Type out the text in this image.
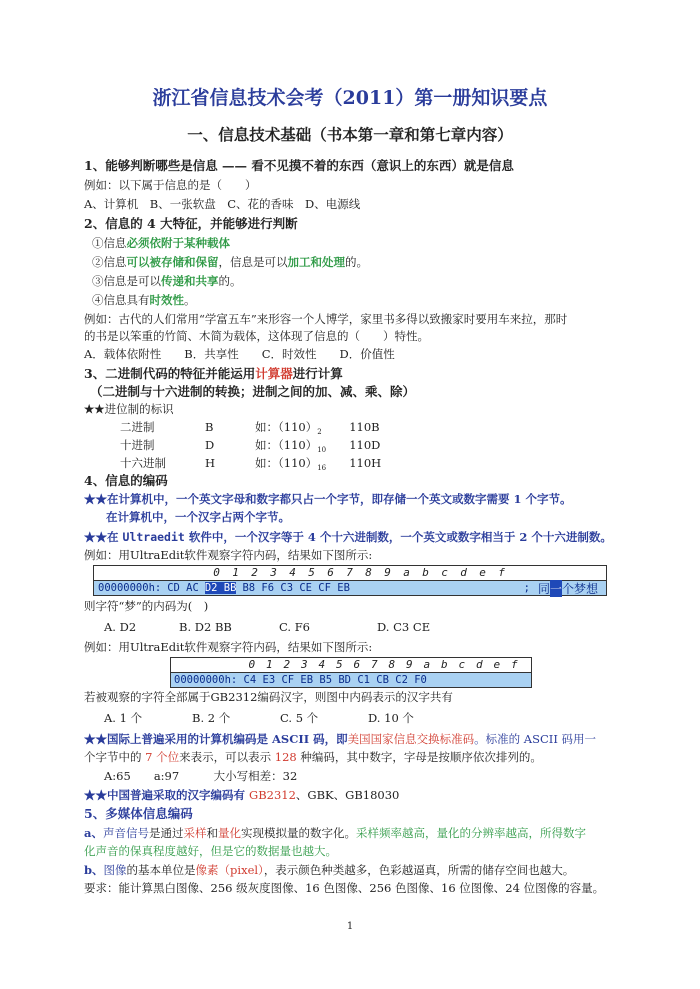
浙江省信息技术会考（2011）第一册知识要点
一、信息技术基础（书本第一章和第七章内容）
1、能够判断哪些是信息 —— 看不见摸不着的东西（意识上的东西）就是信息
例如：以下属于信息的是（　　）
A、计算机　B、一张软盘　C、花的香味　D、电源线
2、信息的 4 大特征，并能够进行判断
①信息必须依附于某种载体
②信息可以被存储和保留，信息是可以加工和处理的。
③信息是可以传递和共享的。
④信息具有时效性。
例如：古代的人们常用“学富五车”来形容一个人博学，家里书多得以致搬家时要用车来拉，那时
的书是以笨重的竹简、木简为载体，这体现了信息的（　　）特性。
A．载体依附性　　B．共享性　　C．时效性　　D．价值性
3、二进制代码的特征并能运用计算器进行计算
（二进制与十六进制的转换；进制之间的加、减、乘、除）
★★进位制的标识
二进制	B	如：$(110)_2$ 110B
十进制	D	如：$(110)_{10}$ 110D
十六进制	H	如：$(110)_{16}$ 110H
4、信息的编码
★★在计算机中，一个英文字母和数字都只占一个字节，即存储一个英文或数字需要 1 个字节。
在计算机中，一个汉字占两个字节。
★★在 Ultraedit 软件中，一个汉字等于 4 个十六进制数，一个英文或数字相当于 2 个十六进制数。
例如：用UltraEdit软件观察字符内码，结果如下图所示:
0	1	2	3	4	5	6	7	8	9	a	b	c	d	e	f
00000000h: CD AC D2 BB B8 F6 C3 CE CF EB	; 同一个梦想
则字符“梦”的内码为(　)
A. D2	B. D2 BB	C. F6	D. C3 CE
例如：用UltraEdit软件观察字符内码，结果如下图所示:
0 1 2 3 4 5 6 7 8 9 a b c d e f
00000000h: C4 E3 CF EB B5 BD C1 CB C2 F0
若被观察的字符全部属于GB2312编码汉字，则图中内码表示的汉字共有
A. 1 个	B. 2 个	C. 5 个	D. 10 个
★★国际上普遍采用的计算机编码是 ASCII 码，即美国国家信息交换标准码。标准的 ASCII 码用一
个字节中的 7 个位来表示，可以表示 128 种编码，其中数字，字母是按顺序依次排列的。
A:65　　a:97　　　大小写相差：32
★★中国普遍采取的汉字编码有 GB2312、GBK、GB18030
5、多媒体信息编码
a、声音信号是通过采样和量化实现模拟量的数字化。采样频率越高，量化的分辨率越高，所得数字
化声音的保真程度越好，但是它的数据量也越大。
b、图像的基本单位是像素（pixel），表示颜色种类越多，色彩越逼真，所需的储存空间也越大。
要求：能计算黑白图像、256 级灰度图像、16 色图像、256 色图像、16 位图像、24 位图像的容量。
1
